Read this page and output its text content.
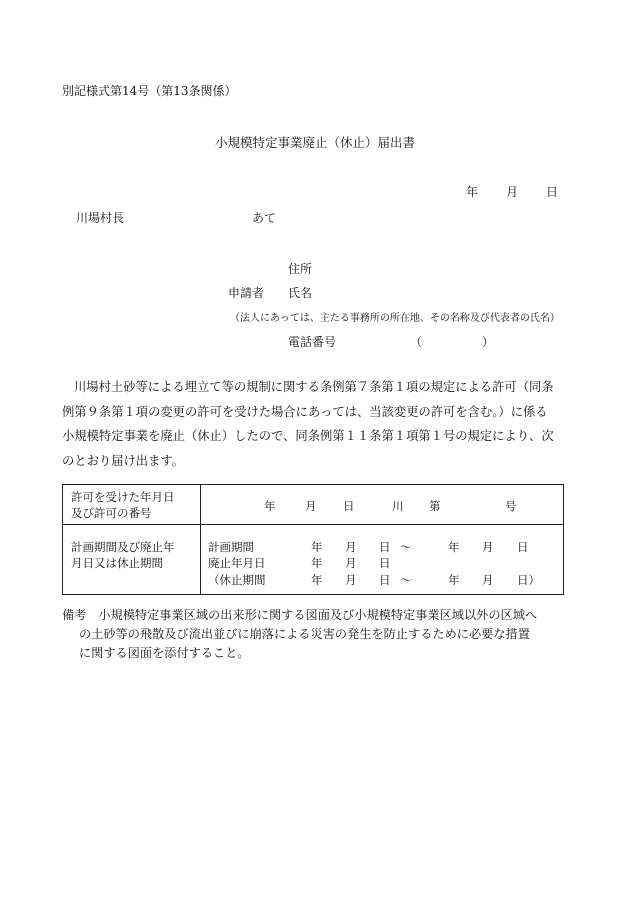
別記様式第14号（第13条関係）
小規模特定事業廃止（休止）届出書
年 月 日
川場村長	あて
住所
申請者 氏名
（法人にあっては、主たる事務所の所在地、その名称及び代表者の氏名）
電話番号	（　　　　　）

川場村土砂等による埋立て等の規制に関する条例第７条第１項の規定による許可（同条

例第９条第１項の変更の許可を受けた場合にあっては、当該変更の許可を含む。）に係る

小規模特定事業を廃止（休止）したので、同条例第１１条第１項第１号の規定により、次

のとおり届け出ます。

許可を受けた年月日
及び許可の番号	年	月 日	川 第	号
計画期間及び廃止年
月日又は休止期間
計画期間	年 月 日 ～	年 月 日
廃止年月日	年 月 日
（休止期間	年 月 日 ～	年 月 日）
備考 小規模特定事業区域の出来形に関する図面及び小規模特定事業区域以外の区域へ
の土砂等の飛散及び流出並びに崩落による災害の発生を防止するために必要な措置
に関する図面を添付すること。
